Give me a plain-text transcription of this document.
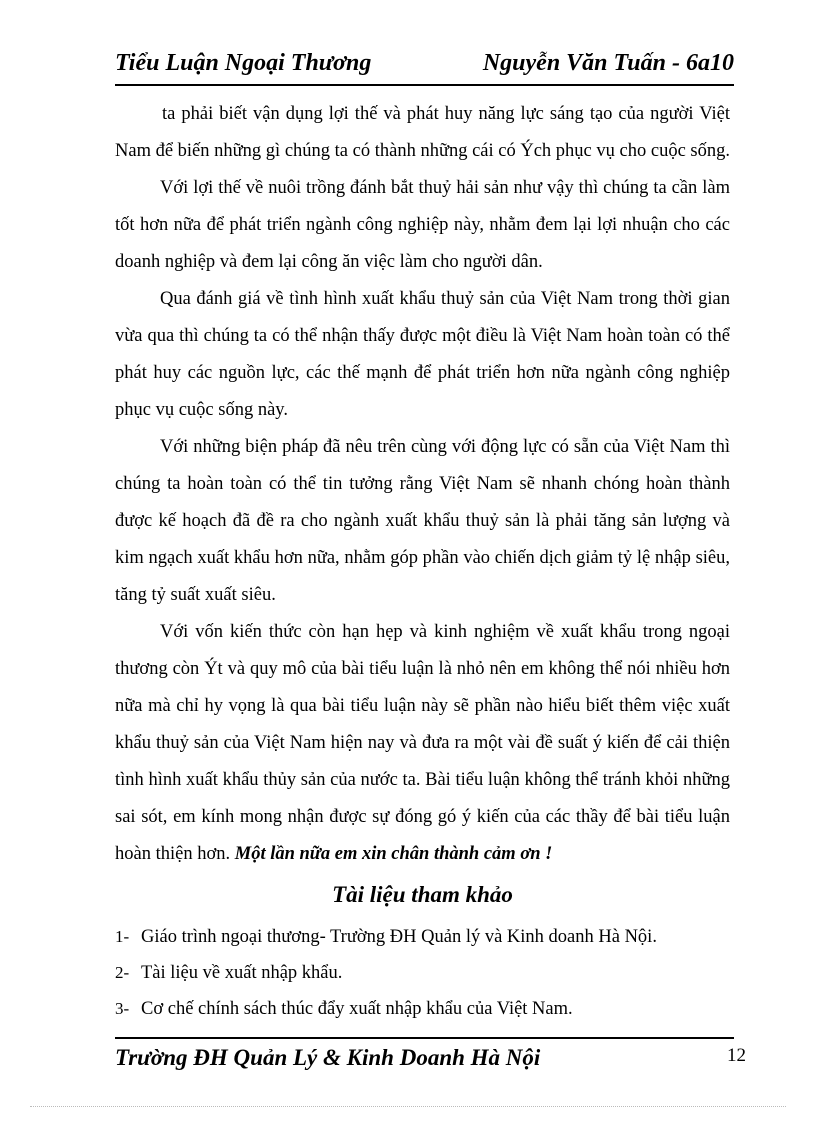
Tiểu Luận Ngoại Thương	Nguyễn Văn Tuấn - 6a10

ta phải biết vận dụng lợi thế và phát huy năng lực sáng tạo của người Việt Nam để biến những gì chúng ta có thành những cái có Ých phục vụ cho cuộc sống.

Với lợi thế về nuôi trồng đánh bắt thuỷ hải sản như vậy thì chúng ta cần làm tốt hơn nữa để phát triển ngành công nghiệp này, nhằm đem lại lợi nhuận cho các doanh nghiệp và đem lại công ăn việc làm cho người dân.

Qua đánh giá về tình hình xuất khẩu thuỷ sản của Việt Nam trong thời gian vừa qua thì chúng ta có thể nhận thấy được một điều là Việt Nam hoàn toàn có thể phát huy các nguồn lực, các thế mạnh để phát triển hơn nữa ngành công nghiệp phục vụ cuộc sống này.

Với những biện pháp đã nêu trên cùng với động lực có sẵn của Việt Nam thì chúng ta hoàn toàn có thể tin tưởng rằng Việt Nam sẽ nhanh chóng hoàn thành được kế hoạch đã đề ra cho ngành xuất khẩu thuỷ sản là phải tăng sản lượng và kim ngạch xuất khẩu hơn nữa, nhằm góp phần vào chiến dịch giảm tỷ lệ nhập siêu, tăng tỷ suất xuất siêu.

Với vốn kiến thức còn hạn hẹp và kinh nghiệm về xuất khẩu trong ngoại thương còn Ýt và quy mô của bài tiểu luận là nhỏ nên em không thể nói nhiều hơn nữa mà chỉ hy vọng là qua bài tiểu luận này sẽ phần nào hiểu biết thêm việc xuất khẩu thuỷ sản của Việt Nam hiện nay và đưa ra một vài đề suất ý kiến để cải thiện tình hình xuất khẩu thủy sản của nước ta. Bài tiểu luận không thể tránh khỏi những sai sót, em kính mong nhận được sự đóng gó ý kiến của các thầy để bài tiểu luận hoàn thiện hơn. Một lần nữa em xin chân thành cảm ơn !

Tài liệu tham khảo
1- Giáo trình ngoại thương- Trường ĐH Quản lý và Kinh doanh Hà Nội.
2- Tài liệu về xuất nhập khẩu.
3- Cơ chế chính sách thúc đẩy xuất nhập khẩu của Việt Nam.
Trường ĐH Quản Lý & Kinh Doanh Hà Nội	12
